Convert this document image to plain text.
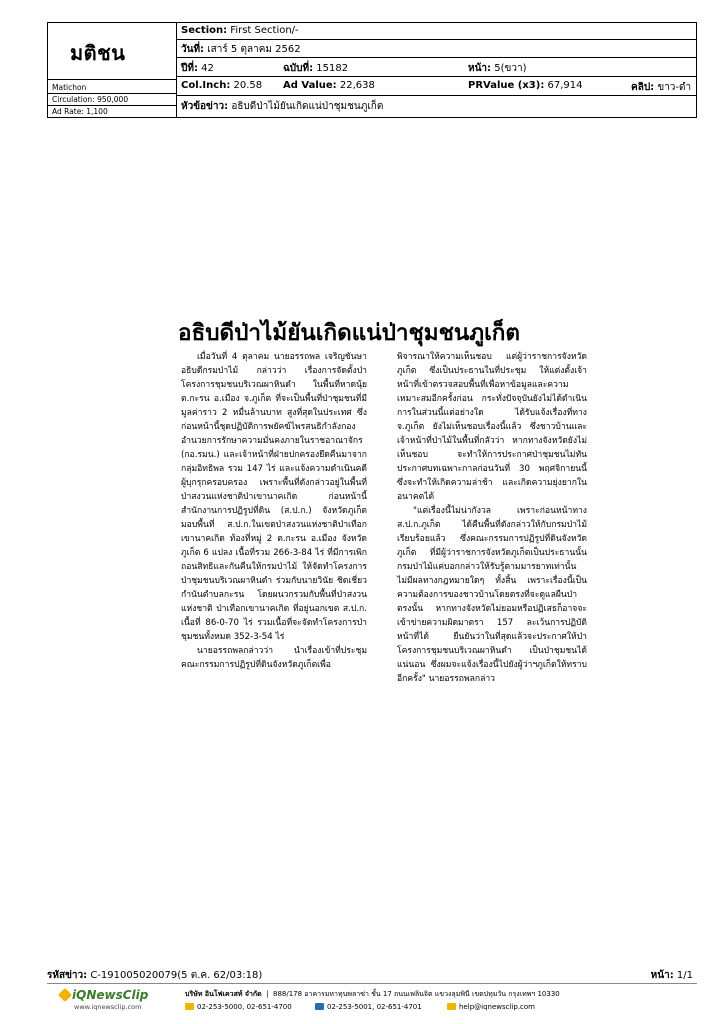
มติชน
Matichon
Circulation: 950,000
Ad Rate: 1,100
Section: First Section/-
วันที่: เสาร์ 5 ตุลาคม 2562
ปีที่: 42	ฉบับที่: 15182	หน้า: 5(ขวา)
Col.Inch: 20.58 Ad Value: 22,638	PRValue (x3): 67,914	คลิป: ขาว-ดำ
หัวข้อข่าว: อธิบดีป่าไม้ยันเกิดแน่ป่าชุมชนภูเก็ต
อธิบดีป่าไม้ยันเกิดแน่ป่าชุมชนภูเก็ต

เมื่อวันที่ 4 ตุลาคม นายอรรถพล เจริญชันษา อธิบดีกรมป่าไม้ กล่าวว่า เรื่องการจัดตั้งป่าโครงการชุมชนบริเวณผาหินดำ ในพื้นที่หาดนุ้ย ต.กะรน อ.เมือง จ.ภูเก็ต ที่จะเป็นพื้นที่ป่าชุมชนที่มีมูลค่าราว 2 หมื่นล้านบาท สูงที่สุดในประเทศ ซึ่งก่อนหน้านี้ชุดปฏิบัติการพยัคฆ์ไพรสนธิกำลังกองอำนวยการรักษาความมั่นคงภายในราชอาณาจักร (กอ.รมน.) และเจ้าหน้าที่ฝ่ายปกครองยึดคืนมาจากกลุ่มอิทธิพล รวม 147 ไร่ และแจ้งความดำเนินคดีผู้บุกรุกครอบครอง เพราะพื้นที่ดังกล่าวอยู่ในพื้นที่ป่าสงวนแห่งชาติป่าเขานาคเกิด ก่อนหน้านี้ สำนักงานการปฏิรูปที่ดิน (ส.ป.ก.) จังหวัดภูเก็ต มอบพื้นที่ ส.ป.ก.ในเขตป่าสงวนแห่งชาติป่าเทือกเขานาคเกิด ท้องที่หมู่ 2 ต.กะรน อ.เมือง จังหวัดภูเก็ต 6 แปลง เนื้อที่รวม 266-3-84 ไร่ ที่มีการเพิกถอนสิทธิและกันคืนให้กรมป่าไม้ ให้จัดทำโครงการป่าชุมชนบริเวณผาหินดำ ร่วมกับนายวินัย ชิดเชี่ยว กำนันตำบลกะรน โดยผนวกรวมกับพื้นที่ป่าสงวนแห่งชาติ ป่าเทือกเขานาคเกิด ที่อยู่นอกเขต ส.ป.ก. เนื้อที่ 86-0-70 ไร่ รวมเนื้อที่จะจัดทำโครงการป่าชุมชนทั้งหมด 352-3-54 ไร่

นายอรรถพลกล่าวว่า นำเรื่องเข้าที่ประชุมคณะกรรมการปฏิรูปที่ดินจังหวัดภูเก็ตเพื่อ

พิจารณาให้ความเห็นชอบ แต่ผู้ว่าราชการจังหวัดภูเก็ต ซึ่งเป็นประธานในที่ประชุม ให้แต่งตั้งเจ้าหน้าที่เข้าตรวจสอบพื้นที่เพื่อหาข้อมูลและความเหมาะสมอีกครั้งก่อน กระทั่งปัจจุบันยังไม่ได้ดำเนินการในส่วนนี้แต่อย่างใด ได้รับแจ้งเรื่องที่ทาง จ.ภูเก็ต ยังไม่เห็นชอบเรื่องนี้แล้ว ซึ่งชาวบ้านและเจ้าหน้าที่ป่าไม้ในพื้นที่กลัวว่า หากทางจังหวัดยังไม่เห็นชอบ จะทำให้การประกาศป่าชุมชนไม่ทันประกาศบทเฉพาะกาลก่อนวันที่ 30 พฤศจิกายนนี้ ซึ่งจะทำให้เกิดความล่าช้า และเกิดความยุ่งยากในอนาคตได้

"แต่เรื่องนี้ไม่น่ากังวล เพราะก่อนหน้าทาง ส.ป.ก.ภูเก็ต ได้คืนพื้นที่ดังกล่าวให้กับกรมป่าไม้เรียบร้อยแล้ว ซึ่งคณะกรรมการปฏิรูปที่ดินจังหวัดภูเก็ต ที่มีผู้ว่าราชการจังหวัดภูเก็ตเป็นประธานนั้น กรมป่าไม้แค่บอกกล่าวให้รับรู้ตามมารยาทเท่านั้น ไม่มีผลทางกฎหมายใดๆ ทั้งสิ้น เพราะเรื่องนี้เป็นความต้องการของชาวบ้านโดยตรงที่จะดูแลผืนป่าตรงนั้น หากทางจังหวัดไม่ยอมหรือปฏิเสธก็อาจจะเข้าข่ายความผิดมาตรา 157 ละเว้นการปฏิบัติหน้าที่ได้ ยืนยันว่าในที่สุดแล้วจะประกาศให้ป่าโครงการชุมชนบริเวณผาหินดำ เป็นป่าชุมชนได้แน่นอน ซึ่งผมจะแจ้งเรื่องนี้ไปยังผู้ว่าฯภูเก็ตให้ทราบอีกครั้ง" นายอรรถพลกล่าว

รหัสข่าว: C-191005020079(5 ต.ค. 62/03:18)	หน้า: 1/1
iQNewsClip
www.iqnewsclip.com
บริษัท อินโฟเควสท์ จำกัด  |  888/178 อาคารมหาทุนพลาซ่า ชั้น 17 ถนนเพลินจิต แขวงลุมพินี เขตปทุมวัน กรุงเทพฯ 10330
02-253-5000, 02-651-4700	02-253-5001, 02-651-4701	help@iqnewsclip.com
